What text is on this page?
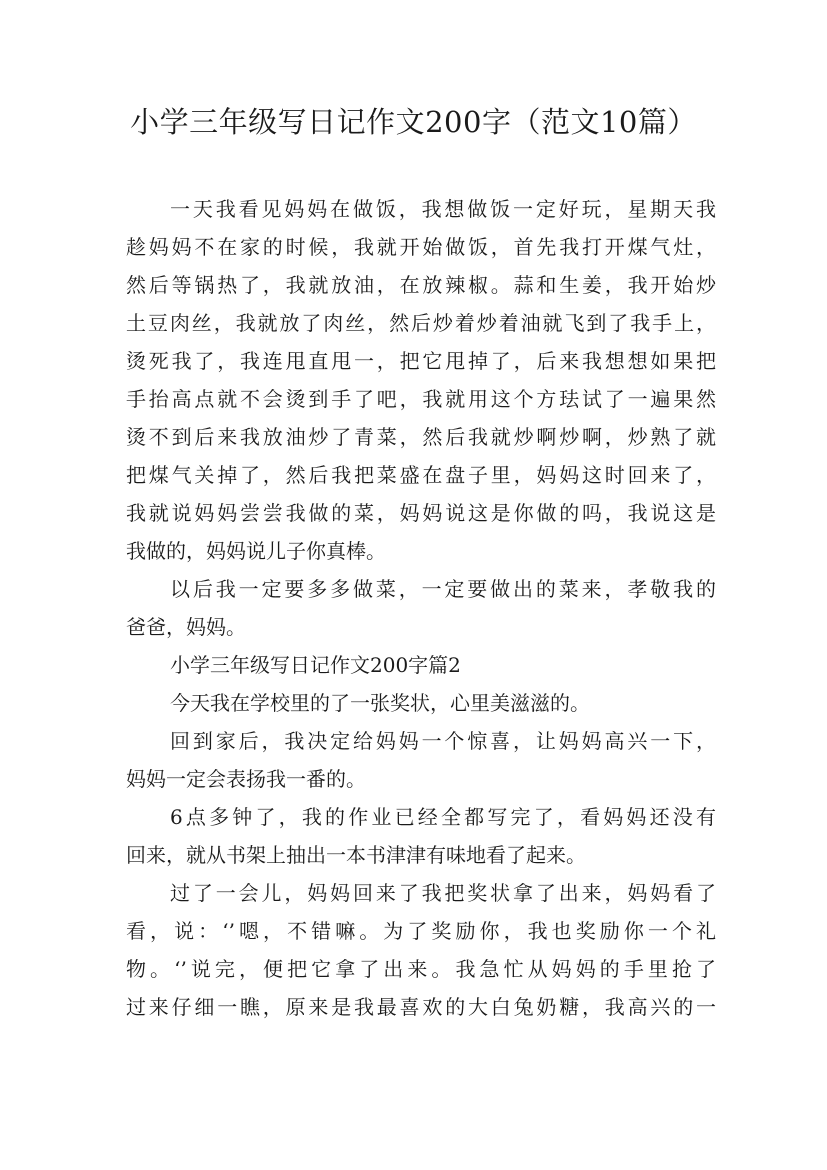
小学三年级写日记作文200字（范文10篇）
一天我看见妈妈在做饭，我想做饭一定好玩，星期天我
趁妈妈不在家的时候，我就开始做饭，首先我打开煤气灶，
然后等锅热了，我就放油，在放辣椒。蒜和生姜，我开始炒
土豆肉丝，我就放了肉丝，然后炒着炒着油就飞到了我手上，
烫死我了，我连甩直甩一，把它甩掉了，后来我想想如果把
手抬高点就不会烫到手了吧，我就用这个方珐试了一遍果然
烫不到后来我放油炒了青菜，然后我就炒啊炒啊，炒熟了就
把煤气关掉了，然后我把菜盛在盘子里，妈妈这时回来了，
我就说妈妈尝尝我做的菜，妈妈说这是你做的吗，我说这是
我做的，妈妈说儿子你真棒。
以后我一定要多多做菜，一定要做出的菜来，孝敬我的
爸爸，妈妈。
小学三年级写日记作文200字篇2
今天我在学校里的了一张奖状，心里美滋滋的。
回到家后，我决定给妈妈一个惊喜，让妈妈高兴一下，
妈妈一定会表扬我一番的。
6点多钟了，我的作业已经全都写完了，看妈妈还没有
回来，就从书架上抽出一本书津津有味地看了起来。
过了一会儿，妈妈回来了我把奖状拿了出来，妈妈看了
看，说：‘’嗯，不错嘛。为了奖励你，我也奖励你一个礼
物。‘’说完，便把它拿了出来。我急忙从妈妈的手里抢了
过来仔细一瞧，原来是我最喜欢的大白兔奶糖，我高兴的一
